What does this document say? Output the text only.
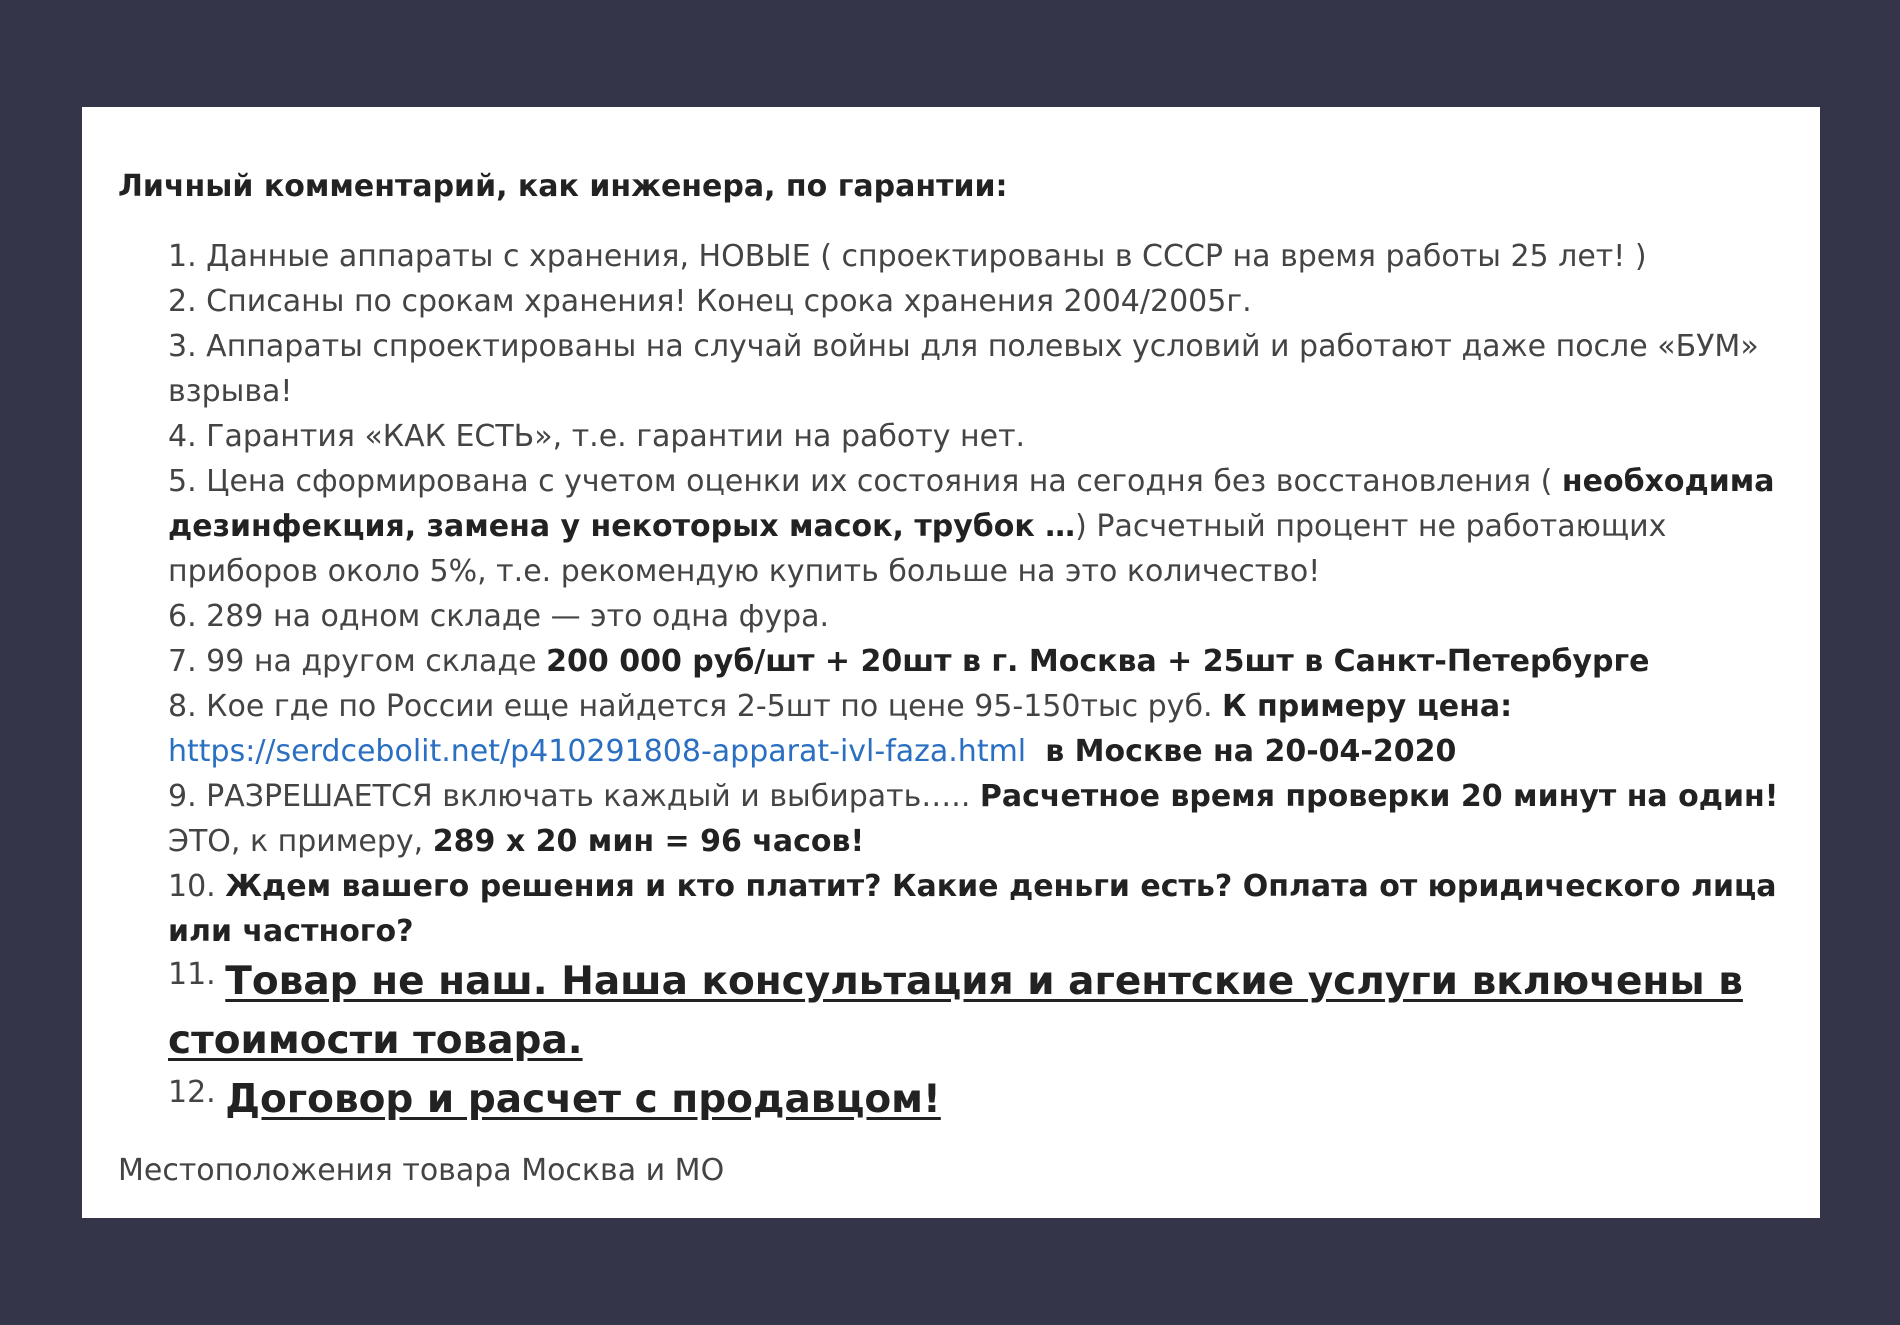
Личный комментарий, как инженера, по гарантии:
1. Данные аппараты с хранения, НОВЫЕ ( спроектированы в СССР на время работы 25 лет! )
2. Списаны по срокам хранения! Конец срока хранения 2004/2005г.
3. Аппараты спроектированы на случай войны для полевых условий и работают даже после «БУМ» взрыва!
4. Гарантия «КАК ЕСТЬ», т.е. гарантии на работу нет.
5. Цена сформирована с учетом оценки их состояния на сегодня без восстановления ( необходима дезинфекция, замена у некоторых масок, трубок …) Расчетный процент не работающих приборов около 5%, т.е. рекомендую купить больше на это количество!
6. 289 на одном складе — это одна фура.
7. 99 на другом складе 200 000 руб/шт + 20шт в г. Москва + 25шт в Санкт-Петербурге
8. Кое где по России еще найдется 2-5шт по цене 95-150тыс руб. К примеру цена: https://serdcebolit.net/p410291808-apparat-ivl-faza.html в Москве на 20-04-2020
9. РАЗРЕШАЕТСЯ включать каждый и выбирать….. Расчетное время проверки 20 минут на один! ЭТО, к примеру, 289 х 20 мин = 96 часов!
10. Ждем вашего решения и кто платит? Какие деньги есть? Оплата от юридического лица или частного?
11. Товар не наш. Наша консультация и агентские услуги включены в стоимости товара.
12. Договор и расчет с продавцом!
Местоположения товара Москва и МО
